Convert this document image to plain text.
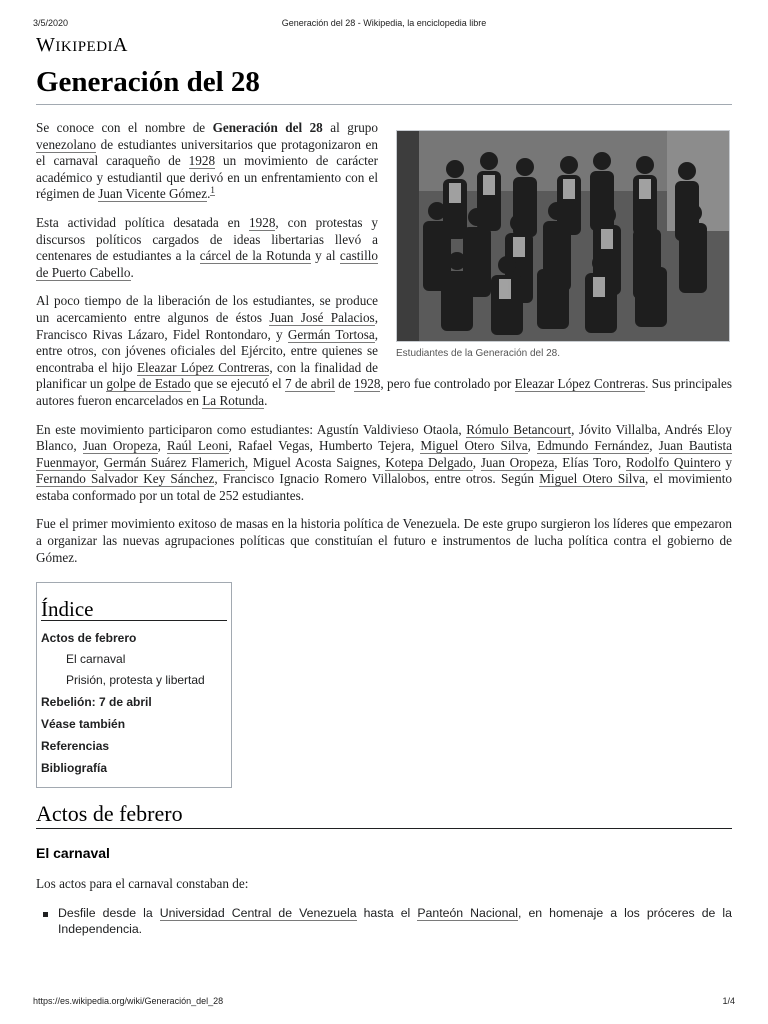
3/5/2020	Generación del 28 - Wikipedia, la enciclopedia libre
WIKIPEDIA
Generación del 28
Estudiantes de la Generación del 28.

Se conoce con el nombre de Generación del 28 al grupo venezolano de estudiantes universitarios que protagonizaron en el carnaval caraqueño de 1928 un movimiento de carácter académico y estudiantil que derivó en un enfrentamiento con el régimen de Juan Vicente Gómez.$^1$

Esta actividad política desatada en 1928, con protestas y discursos políticos cargados de ideas libertarias llevó a centenares de estudiantes a la cárcel de la Rotunda y al castillo de Puerto Cabello.

Al poco tiempo de la liberación de los estudiantes, se produce un acercamiento entre algunos de éstos Juan José Palacios, Francisco Rivas Lázaro, Fidel Rontondaro, y Germán Tortosa, entre otros, con jóvenes oficiales del Ejército, entre quienes se encontraba el hijo Eleazar López Contreras, con la finalidad de planificar un golpe de Estado que se ejecutó el 7 de abril de 1928, pero fue controlado por Eleazar López Contreras. Sus principales autores fueron encarcelados en La Rotunda.

En este movimiento participaron como estudiantes: Agustín Valdivieso Otaola, Rómulo Betancourt, Jóvito Villalba, Andrés Eloy Blanco, Juan Oropeza, Raúl Leoni, Rafael Vegas, Humberto Tejera, Miguel Otero Silva, Edmundo Fernández, Juan Bautista Fuenmayor, Germán Suárez Flamerich, Miguel Acosta Saignes, Kotepa Delgado, Juan Oropeza, Elías Toro, Rodolfo Quintero y Fernando Salvador Key Sánchez, Francisco Ignacio Romero Villalobos, entre otros. Según Miguel Otero Silva, el movimiento estaba conformado por un total de 252 estudiantes.

Fue el primer movimiento exitoso de masas en la historia política de Venezuela. De este grupo surgieron los líderes que empezaron a organizar las nuevas agrupaciones políticas que constituían el futuro e instrumentos de lucha política contra el gobierno de Gómez.

Índice
Actos de febrero
El carnaval
Prisión, protesta y libertad
Rebelión: 7 de abril
Véase también
Referencias
Bibliografía
Actos de febrero
El carnaval

Los actos para el carnaval constaban de:

Desfile desde la Universidad Central de Venezuela hasta el Panteón Nacional, en homenaje a los próceres de la Independencia.
https://es.wikipedia.org/wiki/Generación_del_28	1/4
